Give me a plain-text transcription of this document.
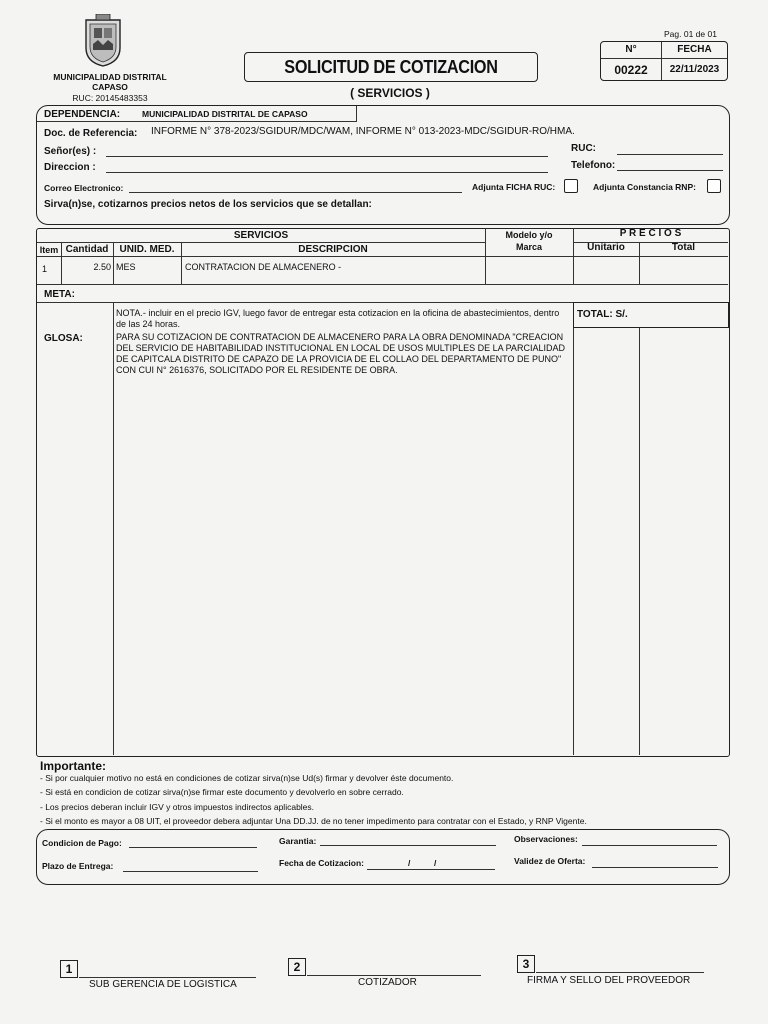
MUNICIPALIDAD DISTRITAL
CAPASO
RUC: 20145483353
SOLICITUD DE COTIZACION
( SERVICIOS )
Pag. 01 de 01
N°	FECHA
00222	22/11/2023
DEPENDENCIA:	MUNICIPALIDAD DISTRITAL DE CAPASO
Doc. de Referencia: INFORME N° 378-2023/SGIDUR/MDC/WAM, INFORME N° 013-2023-MDC/SGIDUR-RO/HMA.
Señor(es) :	RUC:
Direccion :	Telefono:
Correo Electronico:	Adjunta FICHA RUC:	Adjunta Constancia RNP:
Sirva(n)se, cotizarnos precios netos de los servicios que se detallan:
SERVICIOS	Modelo y/o Marca
P R E C I O S
Item Cantidad	UNID. MED.	DESCRIPCION	Unitario	Total
1	2.50 MES	CONTRATACION DE ALMACENERO -
META:
GLOSA:
NOTA.- incluir en el precio IGV, luego favor de entregar esta cotizacion en la oficina de abastecimientos, dentro de las 24 horas.
PARA SU COTIZACION DE CONTRATACION DE ALMACENERO PARA LA OBRA DENOMINADA "CREACION DEL SERVICIO DE HABITABILIDAD INSTITUCIONAL EN LOCAL DE USOS MULTIPLES DE LA PARCIALIDAD DE CAPITCALA DISTRITO DE CAPAZO DE LA PROVICIA DE EL COLLAO DEL DEPARTAMENTO DE PUNO" CON CUI N° 2616376, SOLICITADO POR EL RESIDENTE DE OBRA.
TOTAL: S/.
Importante:
- Si por cualquier motivo no está en condiciones de cotizar sirva(n)se Ud(s) firmar y devolver éste documento.
- Si está en condicion de cotizar sirva(n)se firmar este documento y devolverlo en sobre cerrado.
- Los precios deberan incluir IGV y otros impuestos indirectos aplicables.
- Si el monto es mayor a 08 UIT, el proveedor debera adjuntar Una DD.JJ. de no tener impedimento para contratar con el Estado, y RNP Vigente.
Condicion de Pago:	Garantia:	Observaciones:
Plazo de Entrega:	Fecha de Cotizacion:	/          /	Validez de Oferta:
1
SUB GERENCIA DE LOGISTICA
2
COTIZADOR
3
FIRMA Y SELLO DEL PROVEEDOR
